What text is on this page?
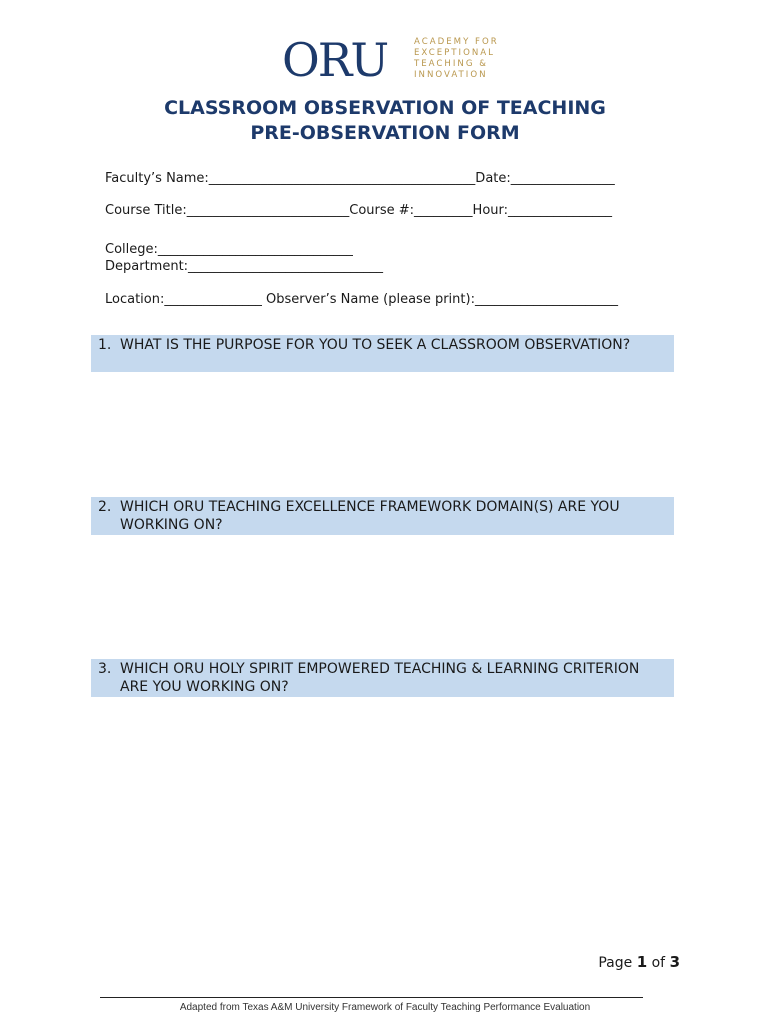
ORU	ACADEMY FOR
EXCEPTIONAL
TEACHING &
INNOVATION
CLASSROOM OBSERVATION OF TEACHING
PRE-OBSERVATION FORM
Faculty’s Name:_________________________________________Date:________________
Course Title:_________________________Course #:_________Hour:________________
College:______________________________
Department:______________________________
Location:_______________ Observer’s Name (please print):______________________
1. WHAT IS THE PURPOSE FOR YOU TO SEEK A CLASSROOM OBSERVATION?
2. WHICH ORU TEACHING EXCELLENCE FRAMEWORK DOMAIN(S) ARE YOU WORKING ON?
3. WHICH ORU HOLY SPIRIT EMPOWERED TEACHING & LEARNING CRITERION ARE YOU WORKING ON?
Page 1 of 3
Adapted from Texas A&M University Framework of Faculty Teaching Performance Evaluation
